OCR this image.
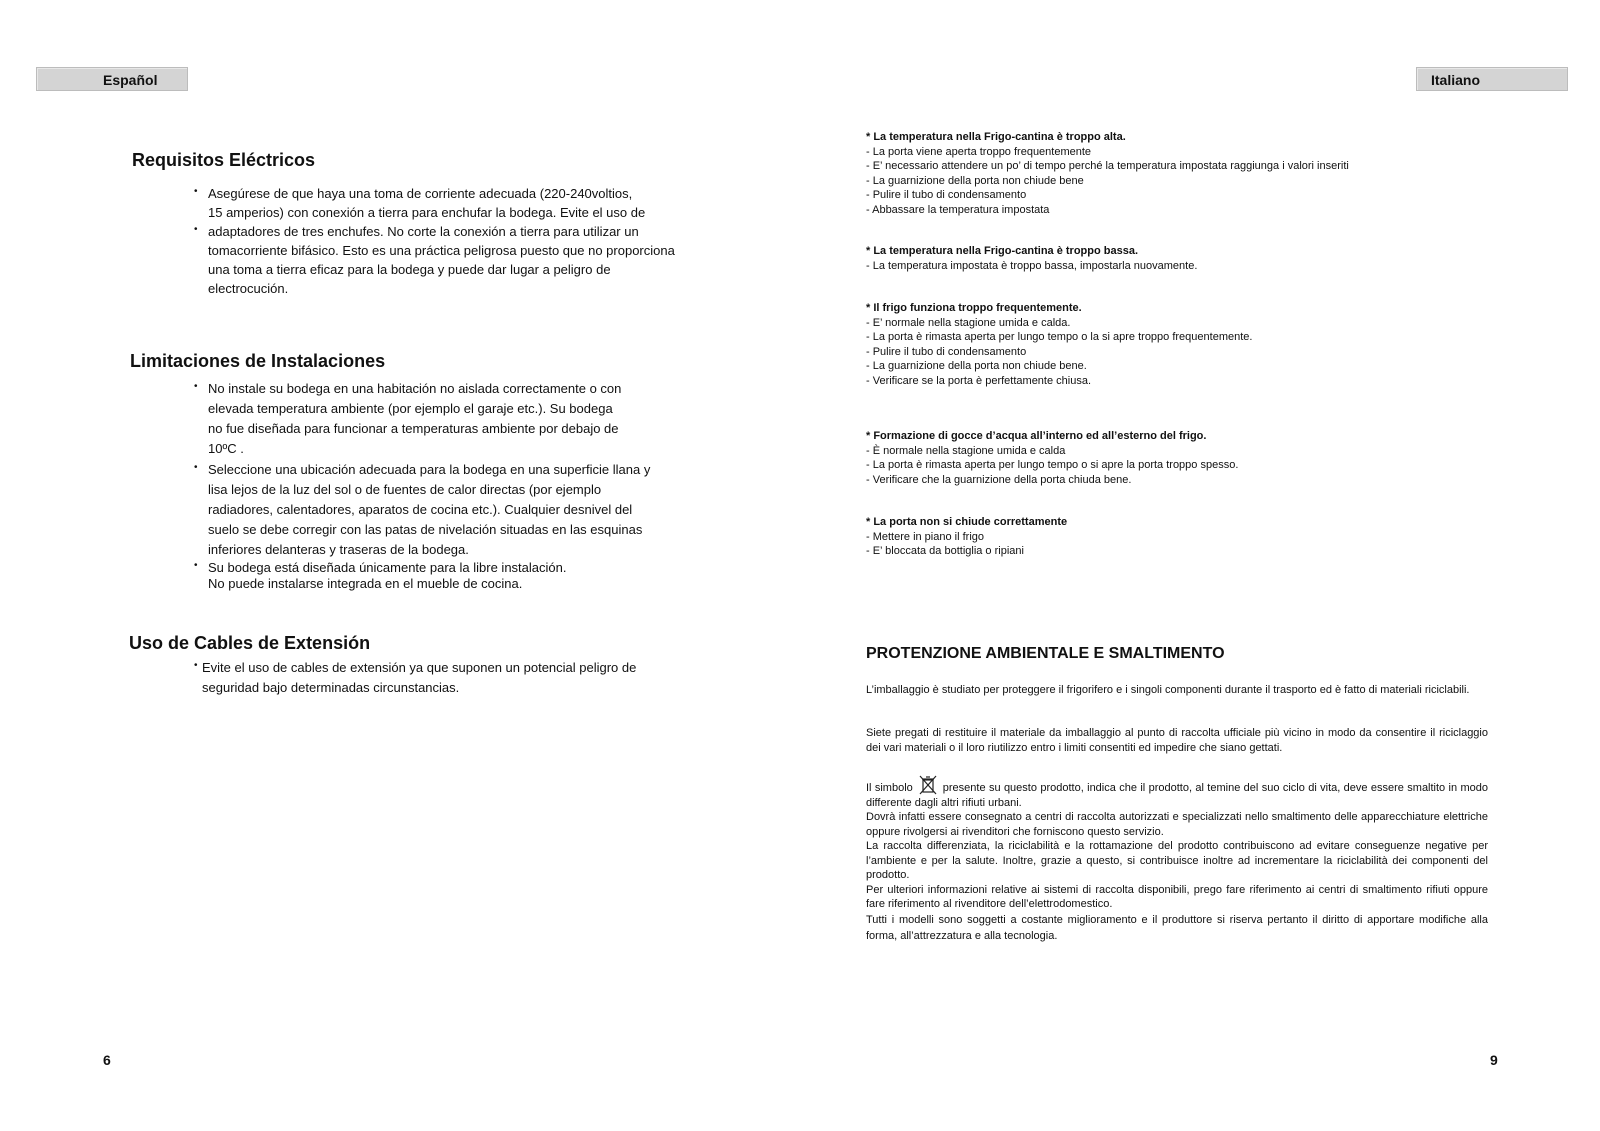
Español	Italiano
Requisitos Eléctricos
• Asegúrese de que haya una toma de corriente adecuada (220-240voltios,
15 amperios) con conexión a tierra para enchufar la bodega. Evite el uso de
• adaptadores de tres enchufes. No corte la conexión a tierra para utilizar un
tomacorriente bifásico. Esto es una práctica peligrosa puesto que no proporciona
una toma a tierra eficaz para la bodega y puede dar lugar a peligro de
electrocución.
Limitaciones de Instalaciones
• No instale su bodega en una habitación no aislada correctamente o con
elevada temperatura ambiente (por ejemplo el garaje etc.). Su bodega
no fue diseñada para funcionar a temperaturas ambiente por debajo de
10ºC .
• Seleccione una ubicación adecuada para la bodega en una superficie llana y
lisa lejos de la luz del sol o de fuentes de calor directas (por ejemplo
radiadores, calentadores, aparatos de cocina etc.). Cualquier desnivel del
suelo se debe corregir con las patas de nivelación situadas en las esquinas
inferiores delanteras y traseras de la bodega.
• Su bodega está diseñada únicamente para la libre instalación.
No puede instalarse integrada en el mueble de cocina.
Uso de Cables de Extensión
• Evite el uso de cables de extensión ya que suponen un potencial peligro de
seguridad bajo determinadas circunstancias.
6
* La temperatura nella Frigo-cantina è troppo alta.
- La porta viene aperta troppo frequentemente
- E’ necessario attendere un po’ di tempo perché la temperatura impostata raggiunga i valori inseriti
- La guarnizione della porta non chiude bene
- Pulire il tubo di condensamento
- Abbassare la temperatura impostata
* La temperatura nella Frigo-cantina è troppo bassa.
- La temperatura impostata è troppo bassa, impostarla nuovamente.
* Il frigo funziona troppo frequentemente.
- E’ normale nella stagione umida e calda.
- La porta è rimasta aperta per lungo tempo o la si apre troppo frequentemente.
- Pulire il tubo di condensamento
- La guarnizione della porta non chiude bene.
- Verificare se la porta è perfettamente chiusa.
* Formazione di gocce d’acqua all’interno ed all’esterno del frigo.
- È normale nella stagione umida e calda
- La porta è rimasta aperta per lungo tempo o si apre la porta troppo spesso.
- Verificare che la guarnizione della porta chiuda bene.
* La porta non si chiude correttamente
- Mettere in piano il frigo
- E’ bloccata da bottiglia o ripiani
PROTENZIONE AMBIENTALE E SMALTIMENTO

L’imballaggio è studiato per proteggere il frigorifero e i singoli componenti durante il trasporto ed è fatto di materiali riciclabili.

Siete pregati di restituire il materiale da imballaggio al punto di raccolta ufficiale più vicino in modo da consentire il riciclaggio dei vari materiali o il loro riutilizzo entro i limiti consentiti ed impedire che siano gettati.

Il simbolo	presente su questo prodotto, indica che il prodotto, al temine del suo ciclo di vita, deve essere smaltito in modo differente dagli altri rifiuti urbani.

Dovrà infatti essere consegnato a centri di raccolta autorizzati e specializzati nello smaltimento delle apparecchiature elettriche oppure rivolgersi ai rivenditori che forniscono questo servizio.

La raccolta differenziata, la riciclabilità e la rottamazione del prodotto contribuiscono ad evitare conseguenze negative per l’ambiente e per la salute. Inoltre, grazie a questo, si contribuisce inoltre ad incrementare la riciclabilità dei componenti del prodotto.

Per ulteriori informazioni relative ai sistemi di raccolta disponibili, prego fare riferimento ai centri di smaltimento rifiuti oppure fare riferimento al rivenditore dell’elettrodomestico.

Tutti i modelli sono soggetti a costante miglioramento e il produttore si riserva pertanto il diritto di apportare modifiche alla forma, all’attrezzatura e alla tecnologia.

9
